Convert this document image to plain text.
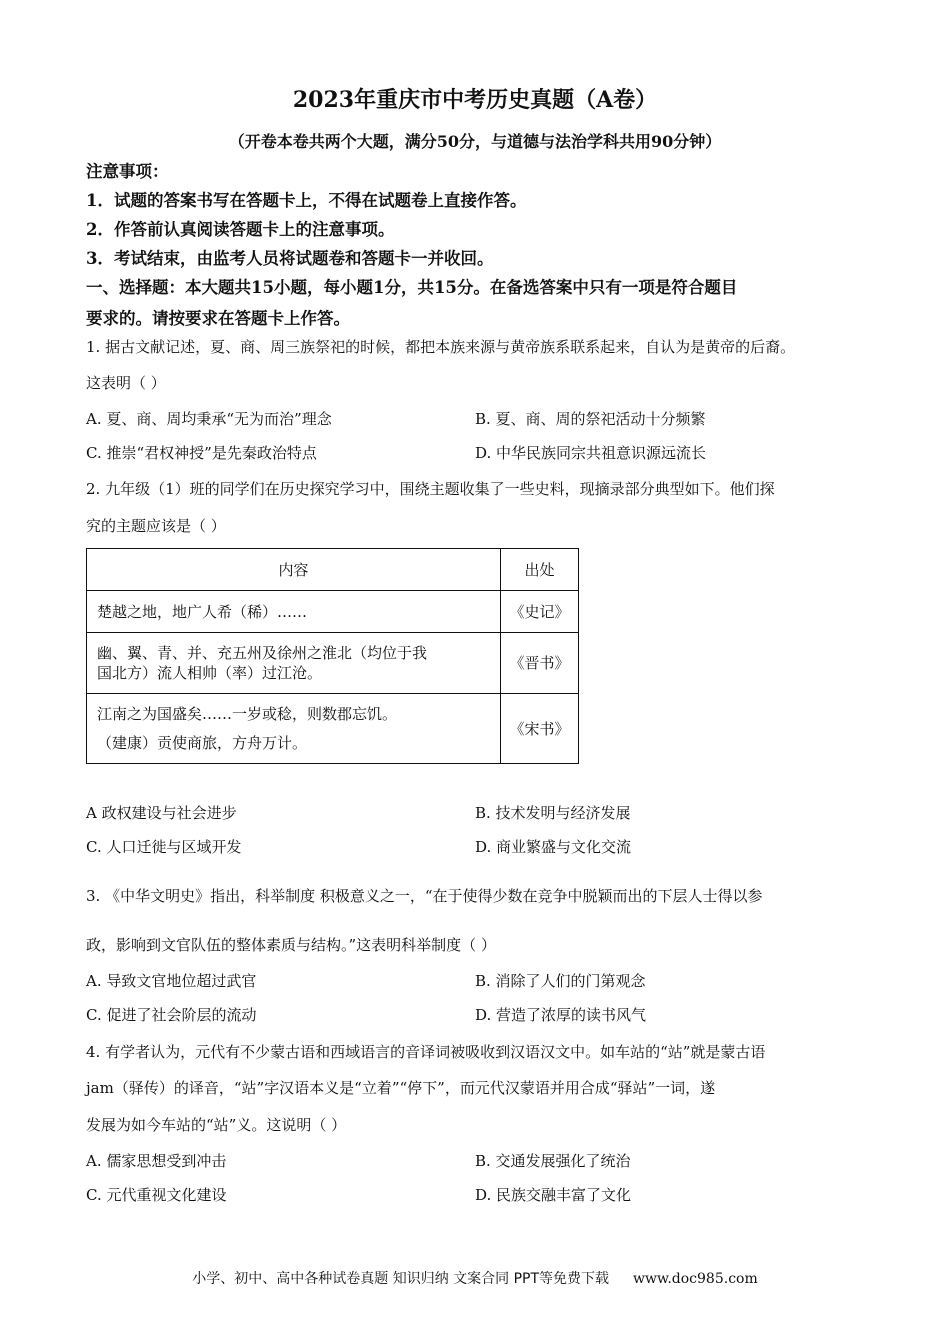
2023年重庆市中考历史真题（A卷）
（开卷本卷共两个大题，满分50分，与道德与法治学科共用90分钟）
注意事项：
1．试题的答案书写在答题卡上，不得在试题卷上直接作答。
2．作答前认真阅读答题卡上的注意事项。
3．考试结束，由监考人员将试题卷和答题卡一并收回。
一、选择题：本大题共15小题，每小题1分，共15分。在备选答案中只有一项是符合题目
要求的。请按要求在答题卡上作答。
1. 据古文献记述，夏、商、周三族祭祀的时候，都把本族来源与黄帝族系联系起来，自认为是黄帝的后裔。
这表明（ ）
A. 夏、商、周均秉承“无为而治”理念	B. 夏、商、周的祭祀活动十分频繁
C. 推崇“君权神授”是先秦政治特点	D. 中华民族同宗共祖意识源远流长
2. 九年级（1）班的同学们在历史探究学习中，围绕主题收集了一些史料，现摘录部分典型如下。他们探
究的主题应该是（ ）
内容	出处
楚越之地，地广人希（稀）……	《史记》

幽、翼、青、并、充五州及徐州之淮北（均位于我
国北方）流人相帅（率）过江沧。	《晋书》

江南之为国盛矣……一岁或稔，则数郡忘饥。
（建康）贡使商旅，方舟万计。	《宋书》
A 政权建设与社会进步	B. 技术发明与经济发展
C. 人口迁徙与区域开发	D. 商业繁盛与文化交流
3. 《中华文明史》指出，科举制度 积极意义之一，“在于使得少数在竞争中脱颖而出的下层人士得以参
政，影响到文官队伍的整体素质与结构。”这表明科举制度（ ）
A. 导致文官地位超过武官	B. 消除了人们的门第观念
C. 促进了社会阶层的流动	D. 营造了浓厚的读书风气
4. 有学者认为，元代有不少蒙古语和西域语言的音译词被吸收到汉语汉文中。如车站的“站”就是蒙古语
jam（驿传）的译音，“站”字汉语本义是“立着”“停下”，而元代汉蒙语并用合成“驿站”一词，遂
发展为如今车站的“站”义。这说明（ ）
A. 儒家思想受到冲击	B. 交通发展强化了统治
C. 元代重视文化建设	D. 民族交融丰富了文化
小学、初中、高中各种试卷真题 知识归纳 文案合同 PPT等免费下载 www.doc985.com
